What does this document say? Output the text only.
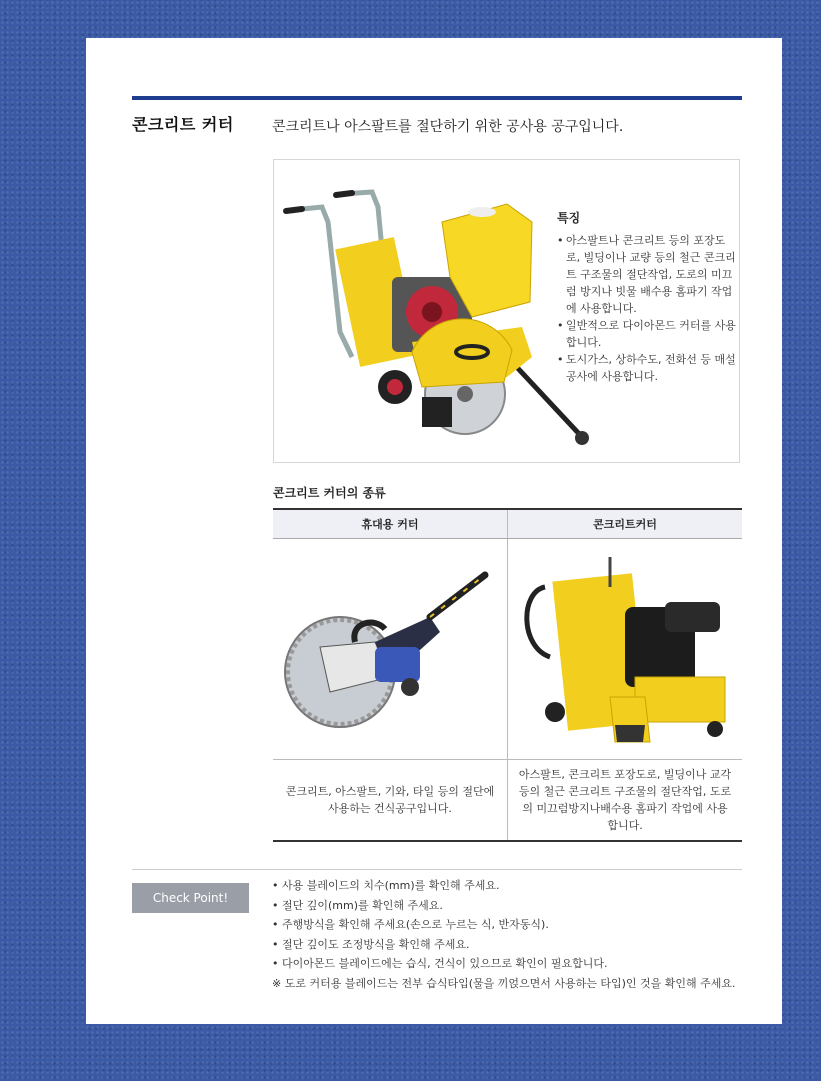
콘크리트 커터	콘크리트나 아스팔트를 절단하기 위한 공사용 공구입니다.
특징
• 아스팔트나 콘크리트 등의 포장도로, 빌딩이나 교량 등의 철근 콘크리트 구조물의 절단작업, 도로의 미끄럼 방지나 빗물 배수용 홈파기 작업에 사용합니다.
• 일반적으로 다이아몬드 커터를 사용합니다.
• 도시가스, 상하수도, 전화선 등 매설공사에 사용합니다.
콘크리트 커터의 종류
휴대용 커터	콘크리트커터

콘크리트, 아스팔트, 기와, 타일 등의 절단에 사용하는 건식공구입니다.	아스팔트, 콘크리트 포장도로, 빌딩이나 교각 등의 철근 콘크리트 구조물의 절단작업, 도로의 미끄럼방지나배수용 홈파기 작업에 사용합니다.
Check Point!
• 사용 블레이드의 치수(mm)를 확인해 주세요.
• 절단 깊이(mm)를 확인해 주세요.
• 주행방식을 확인해 주세요(손으로 누르는 식, 반자동식).
• 절단 깊이도 조정방식을 확인해 주세요.
• 다이아몬드 블레이드에는 습식, 건식이 있으므로 확인이 필요합니다.
※ 도로 커터용 블레이드는 전부 습식타입(물을 끼얹으면서 사용하는 타입)인 것을 확인해 주세요.
